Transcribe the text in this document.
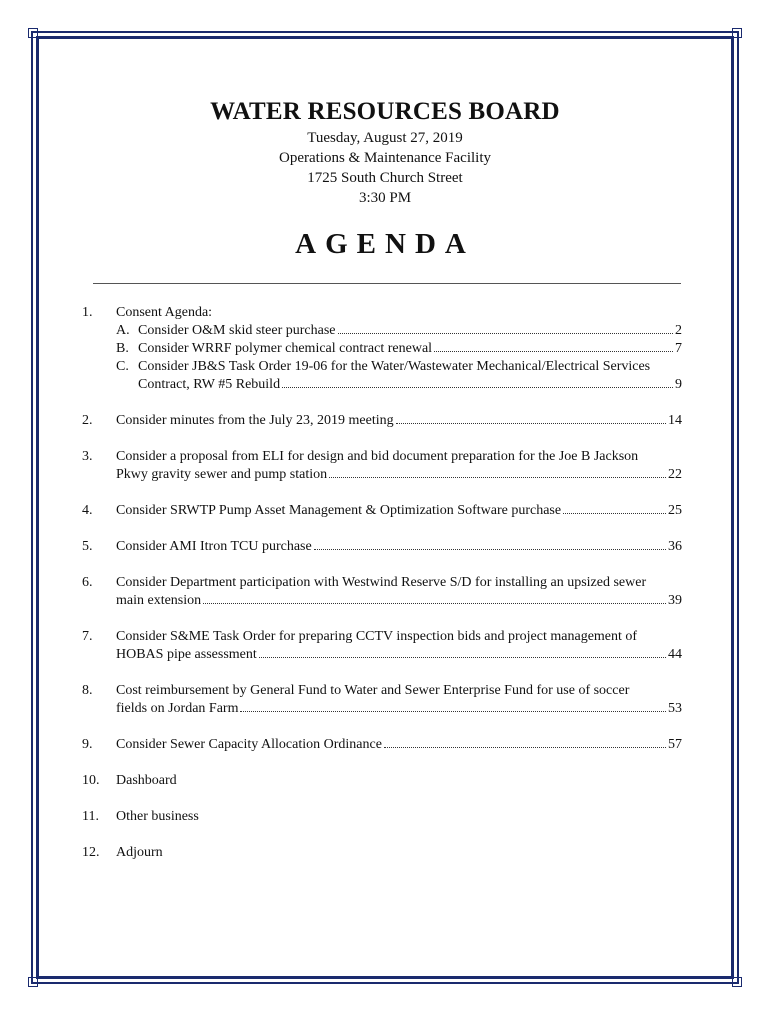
WATER RESOURCES BOARD
Tuesday, August 27, 2019
Operations & Maintenance Facility
1725 South Church Street
3:30 PM
AGENDA
1. Consent Agenda:
A. Consider O&M skid steer purchase	2
B. Consider WRRF polymer chemical contract renewal	7
C. Consider JB&S Task Order 19-06 for the Water/Wastewater Mechanical/Electrical Services
Contract, RW #5 Rebuild	9
2. Consider minutes from the July 23, 2019 meeting	14
3. Consider a proposal from ELI for design and bid document preparation for the Joe B Jackson
Pkwy gravity sewer and pump station	22
4. Consider SRWTP Pump Asset Management & Optimization Software purchase	25
5. Consider AMI Itron TCU purchase	36
6. Consider Department participation with Westwind Reserve S/D for installing an upsized sewer
main extension	39
7. Consider S&ME Task Order for preparing CCTV inspection bids and project management of
HOBAS pipe assessment	44
8. Cost reimbursement by General Fund to Water and Sewer Enterprise Fund for use of soccer
fields on Jordan Farm	53
9. Consider Sewer Capacity Allocation Ordinance	57
10. Dashboard
11. Other business
12. Adjourn
